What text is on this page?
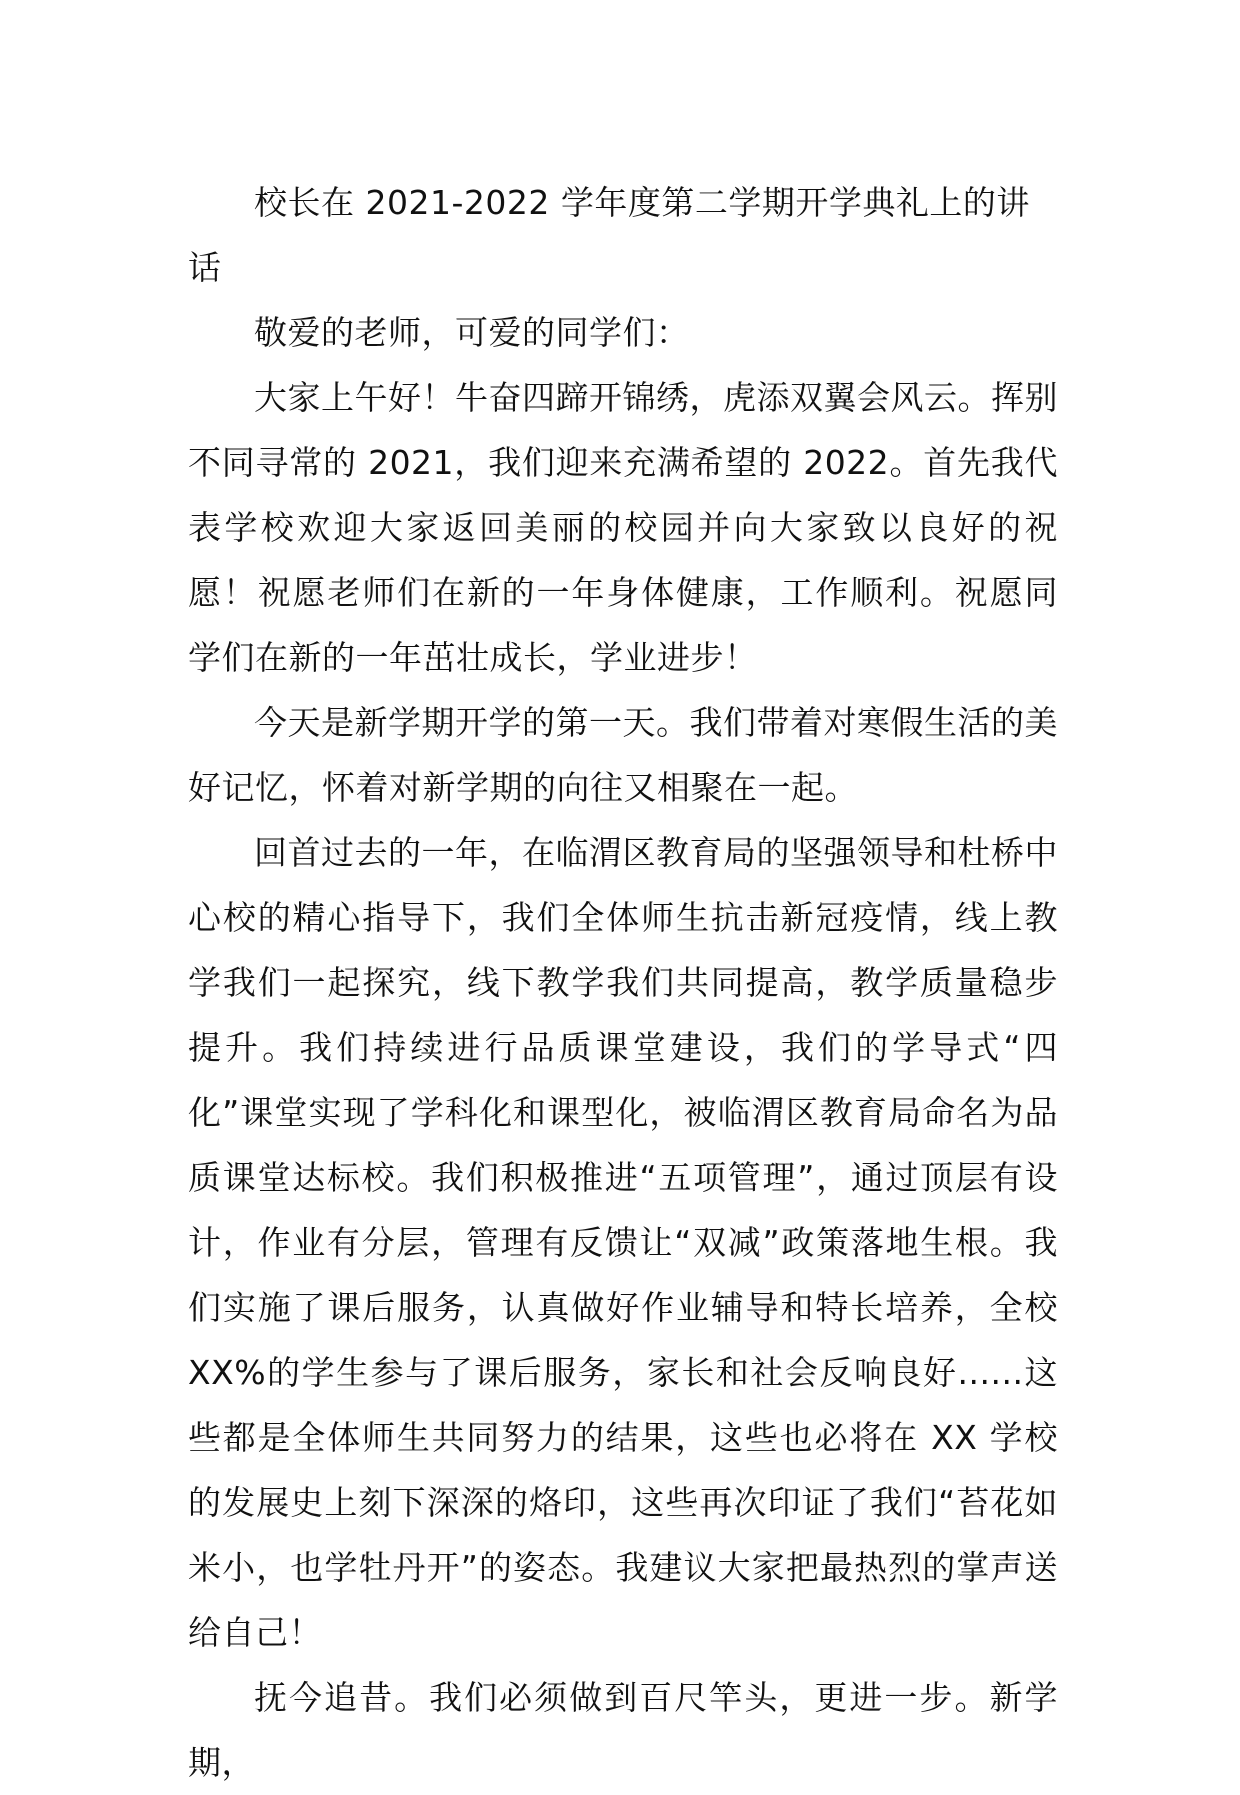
校长在 2021-2022 学年度第二学期开学典礼上的讲话

敬爱的老师，可爱的同学们：

大家上午好！牛奋四蹄开锦绣，虎添双翼会风云。挥别不同寻常的 2021，我们迎来充满希望的 2022。首先我代表学校欢迎大家返回美丽的校园并向大家致以良好的祝愿！祝愿老师们在新的一年身体健康，工作顺利。祝愿同学们在新的一年茁壮成长，学业进步！

今天是新学期开学的第一天。我们带着对寒假生活的美好记忆，怀着对新学期的向往又相聚在一起。

回首过去的一年，在临渭区教育局的坚强领导和杜桥中心校的精心指导下，我们全体师生抗击新冠疫情，线上教学我们一起探究，线下教学我们共同提高，教学质量稳步提升。我们持续进行品质课堂建设，我们的学导式“四化”课堂实现了学科化和课型化，被临渭区教育局命名为品质课堂达标校。我们积极推进“五项管理”，通过顶层有设计，作业有分层，管理有反馈让“双减”政策落地生根。我们实施了课后服务，认真做好作业辅导和特长培养，全校 XX%的学生参与了课后服务，家长和社会反响良好......这些都是全体师生共同努力的结果，这些也必将在 XX 学校的发展史上刻下深深的烙印，这些再次印证了我们“苔花如米小，也学牡丹开”的姿态。我建议大家把最热烈的掌声送给自己！

抚今追昔。我们必须做到百尺竿头，更进一步。新学期，
